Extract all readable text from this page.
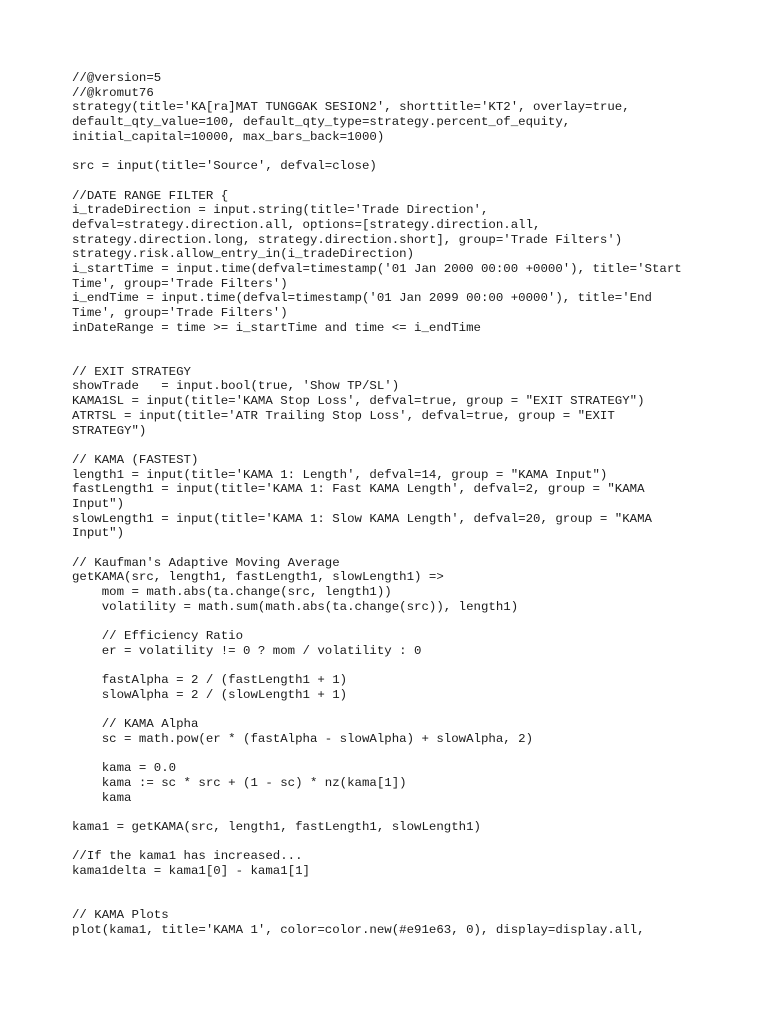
//@version=5
//@kromut76
strategy(title='KA[ra]MAT TUNGGAK SESION2', shorttitle='KT2', overlay=true,
default_qty_value=100, default_qty_type=strategy.percent_of_equity,
initial_capital=10000, max_bars_back=1000)
src = input(title='Source', defval=close)
//DATE RANGE FILTER {
i_tradeDirection = input.string(title='Trade Direction',
defval=strategy.direction.all, options=[strategy.direction.all,
strategy.direction.long, strategy.direction.short], group='Trade Filters')
strategy.risk.allow_entry_in(i_tradeDirection)
i_startTime = input.time(defval=timestamp('01 Jan 2000 00:00 +0000'), title='Start
Time', group='Trade Filters')
i_endTime = input.time(defval=timestamp('01 Jan 2099 00:00 +0000'), title='End
Time', group='Trade Filters')
inDateRange = time >= i_startTime and time <= i_endTime
// EXIT STRATEGY
showTrade   = input.bool(true, 'Show TP/SL')
KAMA1SL = input(title='KAMA Stop Loss', defval=true, group = "EXIT STRATEGY")
ATRTSL = input(title='ATR Trailing Stop Loss', defval=true, group = "EXIT
STRATEGY")
// KAMA (FASTEST)
length1 = input(title='KAMA 1: Length', defval=14, group = "KAMA Input")
fastLength1 = input(title='KAMA 1: Fast KAMA Length', defval=2, group = "KAMA
Input")
slowLength1 = input(title='KAMA 1: Slow KAMA Length', defval=20, group = "KAMA
Input")
// Kaufman's Adaptive Moving Average
getKAMA(src, length1, fastLength1, slowLength1) =>
mom = math.abs(ta.change(src, length1))
volatility = math.sum(math.abs(ta.change(src)), length1)
// Efficiency Ratio
er = volatility != 0 ? mom / volatility : 0
fastAlpha = 2 / (fastLength1 + 1)
slowAlpha = 2 / (slowLength1 + 1)
// KAMA Alpha
sc = math.pow(er * (fastAlpha - slowAlpha) + slowAlpha, 2)
kama = 0.0
kama := sc * src + (1 - sc) * nz(kama[1])
kama
kama1 = getKAMA(src, length1, fastLength1, slowLength1)
//If the kama1 has increased...
kama1delta = kama1[0] - kama1[1]
// KAMA Plots
plot(kama1, title='KAMA 1', color=color.new(#e91e63, 0), display=display.all,
